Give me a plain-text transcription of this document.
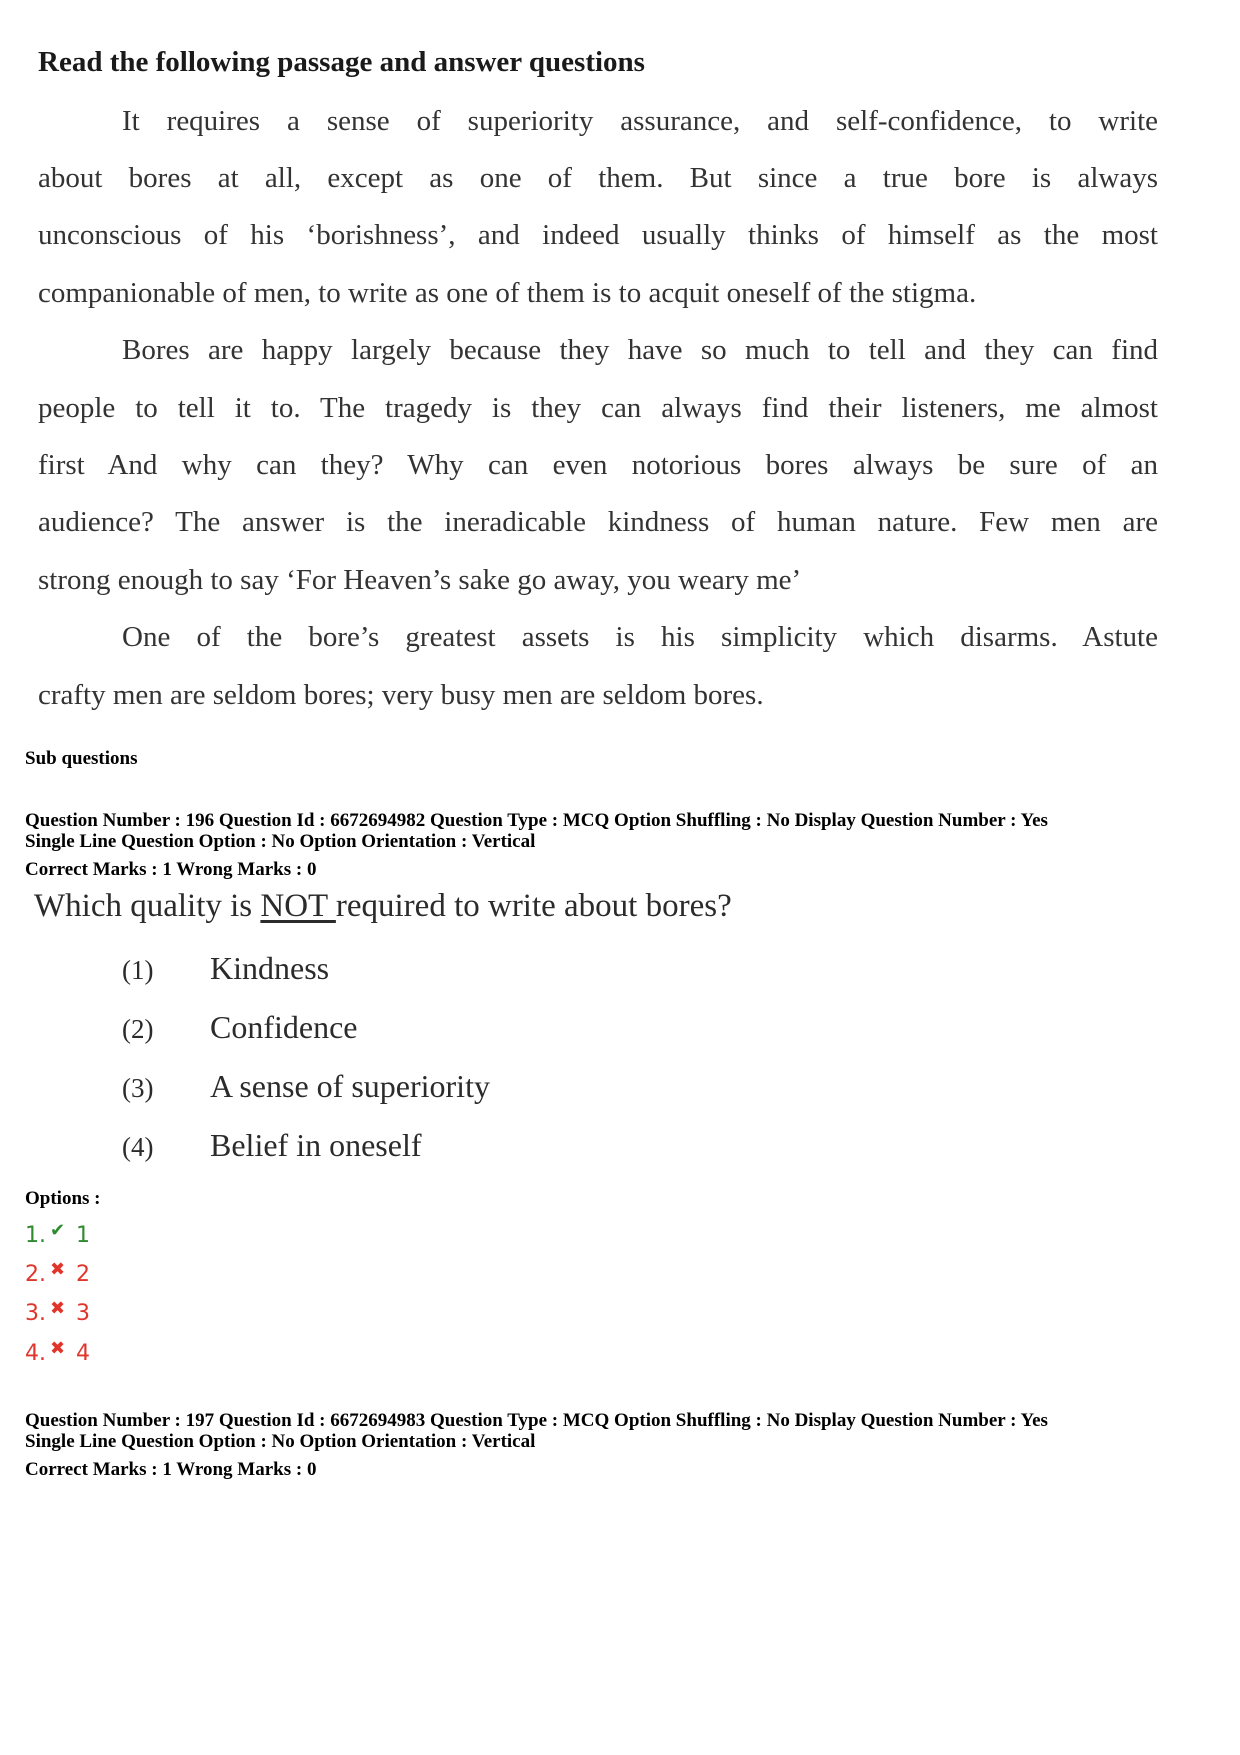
Read the following passage and answer questions
It requires a sense of superiority assurance, and self-confidence, to write
about bores at all, except as one of them. But since a true bore is always
unconscious of his ‘borishness’, and indeed usually thinks of himself as the most
companionable of men, to write as one of them is to acquit oneself of the stigma.
Bores are happy largely because they have so much to tell and they can find
people to tell it to. The tragedy is they can always find their listeners, me almost
first And why can they? Why can even notorious bores always be sure of an
audience? The answer is the ineradicable kindness of human nature. Few men are
strong enough to say ‘For Heaven’s sake go away, you weary me’
One of the bore’s greatest assets is his simplicity which disarms. Astute
crafty men are seldom bores; very busy men are seldom bores.
Sub questions
Question Number : 196 Question Id : 6672694982 Question Type : MCQ Option Shuffling : No Display Question Number : Yes
Single Line Question Option : No Option Orientation : Vertical
Correct Marks : 1 Wrong Marks : 0
Which quality is NOT required to write about bores?
(1) Kindness
(2) Confidence
(3) A sense of superiority
(4) Belief in oneself
Options :
1. ✔ 1
2. ✖ 2
3. ✖ 3
4. ✖ 4
Question Number : 197 Question Id : 6672694983 Question Type : MCQ Option Shuffling : No Display Question Number : Yes
Single Line Question Option : No Option Orientation : Vertical
Correct Marks : 1 Wrong Marks : 0
